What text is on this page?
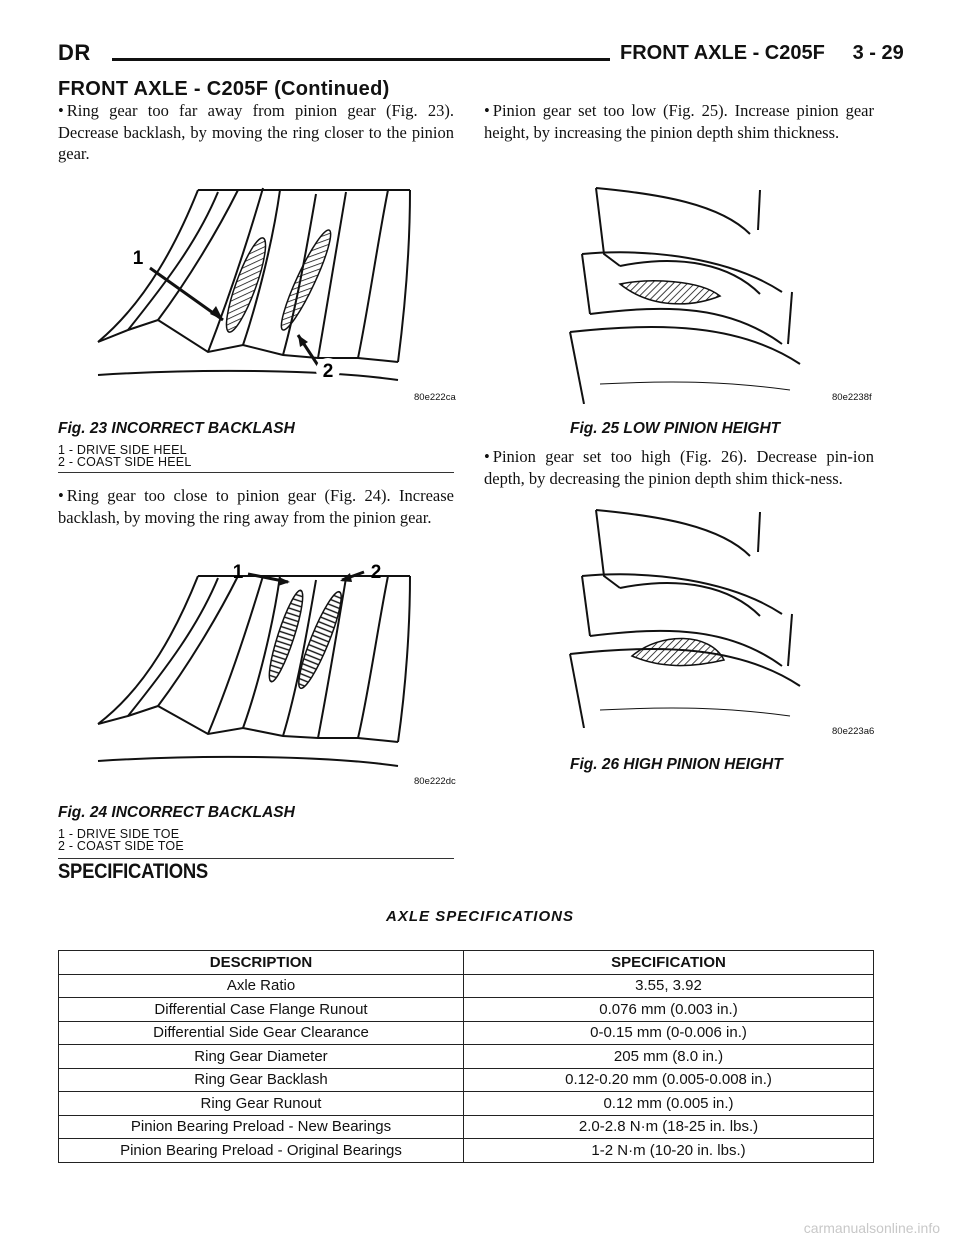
DR	FRONT AXLE - C205F     3 - 29
FRONT AXLE - C205F (Continued)
• Ring gear too far away from pinion gear (Fig. 23). Decrease backlash, by moving the ring closer to the pinion gear.
1
2
80e222ca
Fig. 23 INCORRECT BACKLASH
1 - DRIVE SIDE HEEL
2 - COAST SIDE HEEL
• Ring gear too close to pinion gear (Fig. 24). Increase backlash, by moving the ring away from the pinion gear.
1	2
80e222dc
Fig. 24 INCORRECT BACKLASH
1 - DRIVE SIDE TOE
2 - COAST SIDE TOE
• Pinion gear set too low (Fig. 25). Increase pinion gear height, by increasing the pinion depth shim thickness.
80e2238f
Fig. 25 LOW PINION HEIGHT
• Pinion gear set too high (Fig. 26). Decrease pin-ion depth, by decreasing the pinion depth shim thick-ness.
80e223a6
Fig. 26 HIGH PINION HEIGHT
SPECIFICATIONS
AXLE SPECIFICATIONS
DESCRIPTION	SPECIFICATION
Axle Ratio	3.55, 3.92
Differential Case Flange Runout	0.076 mm (0.003 in.)
Differential Side Gear Clearance	0-0.15 mm (0-0.006 in.)
Ring Gear Diameter	205 mm (8.0 in.)
Ring Gear Backlash	0.12-0.20 mm (0.005-0.008 in.)
Ring Gear Runout	0.12 mm (0.005 in.)
Pinion Bearing Preload - New Bearings	2.0-2.8 N·m (18-25 in. lbs.)
Pinion Bearing Preload - Original Bearings	1-2 N·m (10-20 in. lbs.)
carmanualsonline.info
